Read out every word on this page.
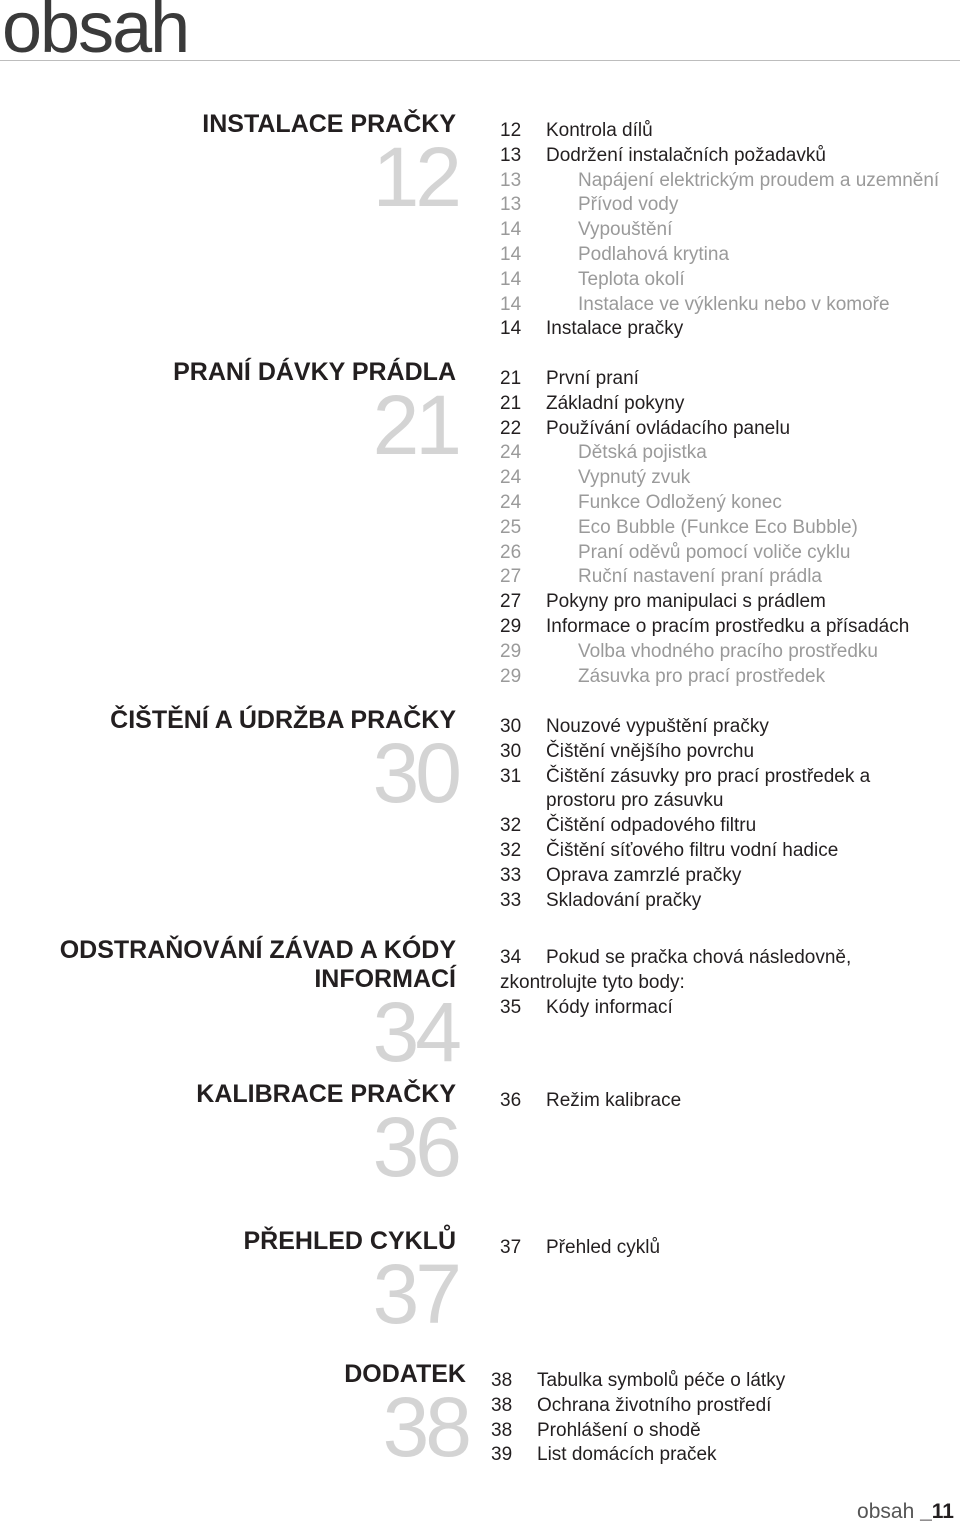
obsah
INSTALACE PRAČKY
12 12 Kontrola dílů
13 Dodržení instalačních požadavků
13	Napájení elektrickým proudem a uzemnění
13	Přívod vody
14	Vypouštění
14	Podlahová krytina
14	Teplota okolí
14	Instalace ve výklenku nebo v komoře
14 Instalace pračky
PRANÍ DÁVKY PRÁDLA
21 21 První praní
21 Základní pokyny
22 Používání ovládacího panelu
24	Dětská pojistka
24	Vypnutý zvuk
24	Funkce Odložený konec
25	Eco Bubble (Funkce Eco Bubble)
26	Praní oděvů pomocí voliče cyklu
27	Ruční nastavení praní prádla
27 Pokyny pro manipulaci s prádlem
29 Informace o pracím prostředku a přísadách
29	Volba vhodného pracího prostředku
29	Zásuvka pro prací prostředek
ČIŠTĚNÍ A ÚDRŽBA PRAČKY
30 30 Nouzové vypuštění pračky
30 Čištění vnějšího povrchu
31 Čištění zásuvky pro prací prostředek a
prostoru pro zásuvku
32 Čištění odpadového filtru
32 Čištění síťového filtru vodní hadice
33 Oprava zamrzlé pračky
33 Skladování pračky
ODSTRAŇOVÁNÍ ZÁVAD A KÓDY
INFORMACÍ
34
34 Pokud se pračka chová následovně,
zkontrolujte tyto body:
35 Kódy informací
KALIBRACE PRAČKY
36 36 Režim kalibrace
PŘEHLED CYKLŮ
37 37 Přehled cyklů
DODATEK
38 38 Tabulka symbolů péče o látky
38 Ochrana životního prostředí
38 Prohlášení o shodě
39 List domácích praček
obsah _11
